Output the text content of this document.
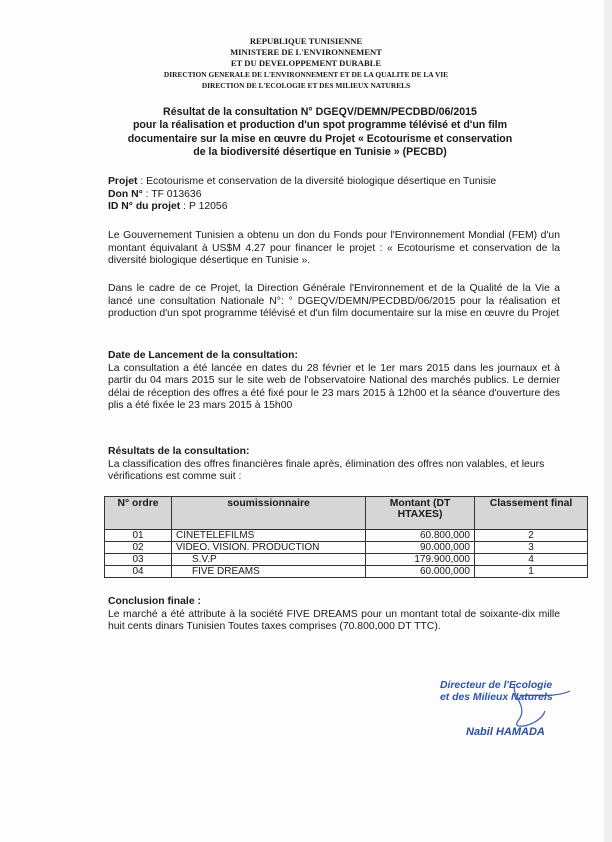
REPUBLIQUE TUNISIENNE
MINISTERE DE L'ENVIRONNEMENT
ET DU DEVELOPPEMENT DURABLE
DIRECTION GENERALE DE L'ENVIRONNEMENT ET DE LA QUALITE DE LA VIE
DIRECTION DE L'ECOLOGIE ET DES MILIEUX NATURELS
Résultat de la consultation N° DGEQV/DEMN/PECDBD/06/2015
pour la réalisation et production d'un spot programme télévisé et d'un film
documentaire sur la mise en œuvre du Projet « Ecotourisme et conservation
de la biodiversité désertique en Tunisie » (PECBD)
Projet : Ecotourisme et conservation de la diversité biologique désertique en Tunisie
Don N° : TF 013636
ID N° du projet : P 12056
Le Gouvernement Tunisien a obtenu un don du Fonds pour l'Environnement Mondial (FEM) d'un montant équivalant à US$M 4.27 pour financer le projet : « Ecotourisme et conservation de la diversité biologique désertique en Tunisie ».
Dans le cadre de ce Projet, la Direction Générale l'Environnement et de la Qualité de la Vie a lancé une consultation Nationale N°: ° DGEQV/DEMN/PECDBD/06/2015 pour la réalisation et production d'un spot programme télévisé et d'un film documentaire sur la mise en œuvre du Projet
Date de Lancement de la consultation:
La consultation a été lancée en dates du 28 février et le 1er mars 2015 dans les journaux et à partir du 04 mars 2015 sur le site web de l'observatoire National des marchés publics. Le dernier délai de réception des offres a été fixé pour le 23 mars 2015 à 12h00 et la séance d'ouverture des plis a été fixée le 23 mars 2015 à 15h00
Résultats de la consultation:
La classification des offres financières finale après, élimination des offres non valables, et leurs vérifications est comme suit :
N° ordre	soumissionnaire	Montant (DT HTAXES)	Classement final
01	CINETELEFILMS	60.800,000	2
02	VIDEO. VISION. PRODUCTION	90.000,000	3
03	S.V.P	179.900,000	4
04	FIVE DREAMS	60.000,000	1
Conclusion finale :
Le marché a été attribute à la société FIVE DREAMS pour un montant total de soixante-dix mille huit cents dinars Tunisien Toutes taxes comprises (70.800,000 DT TTC).
Directeur de l'Ecologie
et des Milieux Naturels
Nabil HAMADA
